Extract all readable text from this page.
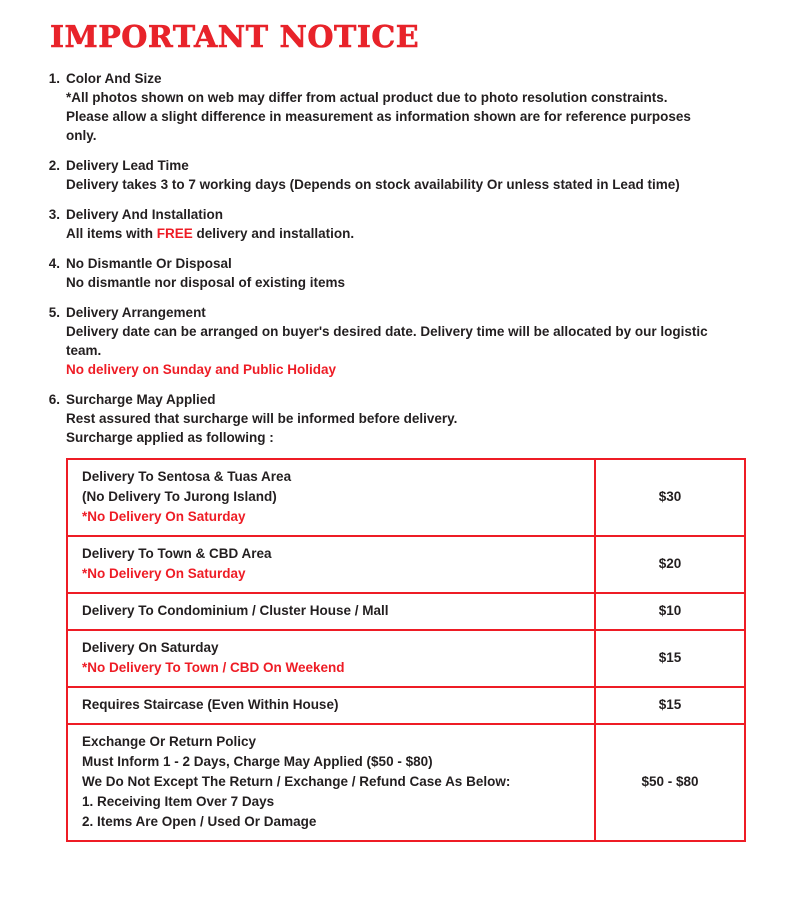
IMPORTANT NOTICE
1. Color And Size
*All photos shown on web may differ from actual product due to photo resolution constraints.
Please allow a slight difference in measurement as information shown are for reference purposes
only.
2. Delivery Lead Time
Delivery takes 3 to 7 working days (Depends on stock availability Or unless stated in Lead time)
3. Delivery And Installation
All items with FREE delivery and installation.
4. No Dismantle Or Disposal
No dismantle nor disposal of existing items
5. Delivery Arrangement
Delivery date can be arranged on buyer's desired date. Delivery time will be allocated by our logistic
team.
No delivery on Sunday and Public Holiday
6. Surcharge May Applied
Rest assured that surcharge will be informed before delivery.
Surcharge applied as following :
Delivery To Sentosa & Tuas Area
(No Delivery To Jurong Island)
*No Delivery On Saturday	$30

Delivery To Town & CBD Area
*No Delivery On Saturday	$20

Delivery To Condominium / Cluster House / Mall	$10

Delivery On Saturday
*No Delivery To Town / CBD On Weekend	$15

Requires Staircase (Even Within House)	$15

Exchange Or Return Policy
Must Inform 1 - 2 Days, Charge May Applied ($50 - $80)
We Do Not Except The Return / Exchange / Refund Case As Below:
1. Receiving Item Over 7 Days
2. Items Are Open / Used Or Damage	$50 - $80
